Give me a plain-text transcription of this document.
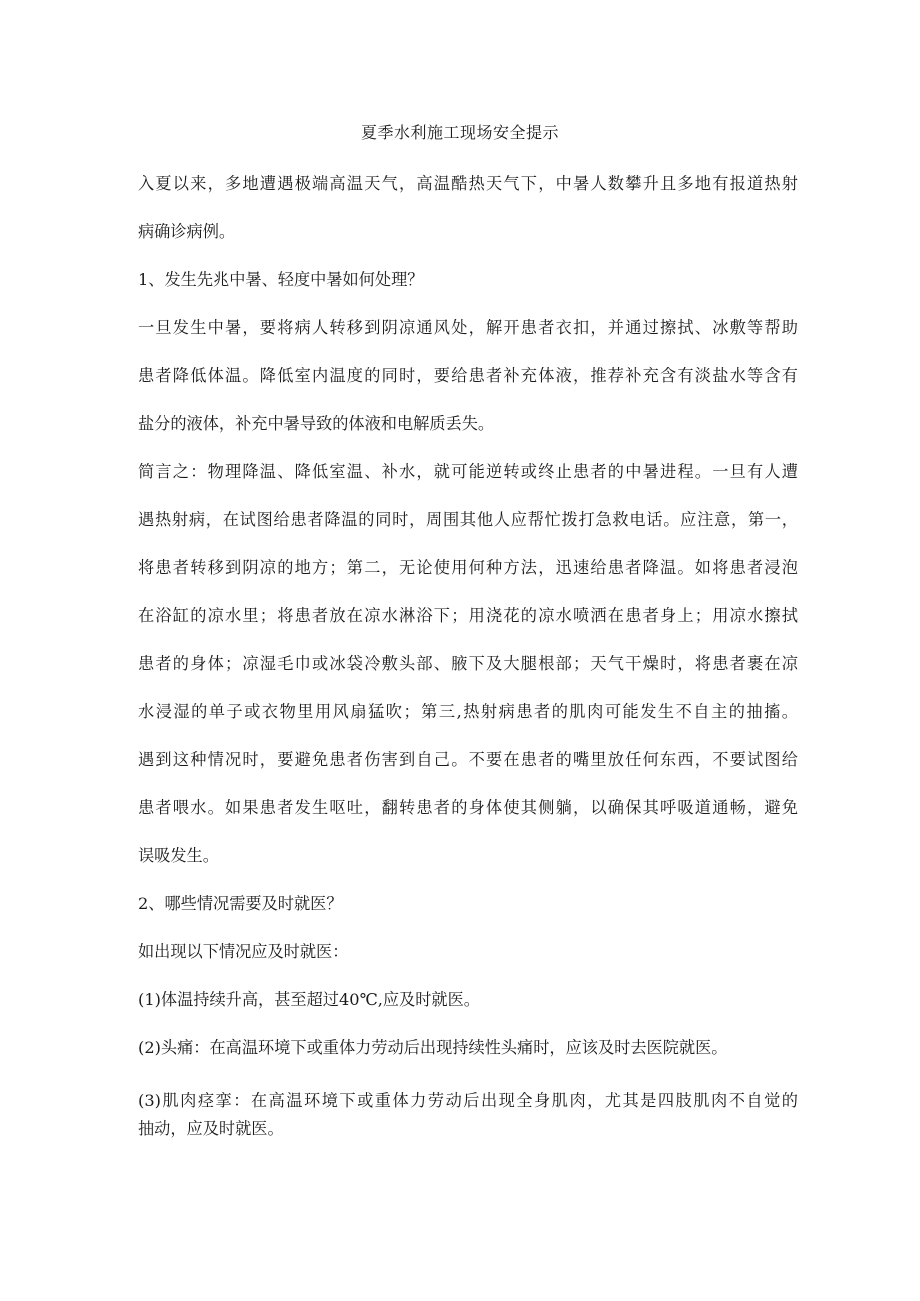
夏季水利施工现场安全提示
入夏以来，多地遭遇极端高温天气，高温酷热天气下，中暑人数攀升且多地有报道热射
病确诊病例。
1、发生先兆中暑、轻度中暑如何处理？
一旦发生中暑，要将病人转移到阴凉通风处，解开患者衣扣，并通过擦拭、冰敷等帮助
患者降低体温。降低室内温度的同时，要给患者补充体液，推荐补充含有淡盐水等含有
盐分的液体，补充中暑导致的体液和电解质丢失。
简言之：物理降温、降低室温、补水，就可能逆转或终止患者的中暑进程。一旦有人遭
遇热射病，在试图给患者降温的同时，周围其他人应帮忙拨打急救电话。应注意，第一，
将患者转移到阴凉的地方；第二，无论使用何种方法，迅速给患者降温。如将患者浸泡
在浴缸的凉水里；将患者放在凉水淋浴下；用浇花的凉水喷洒在患者身上；用凉水擦拭
患者的身体；凉湿毛巾或冰袋冷敷头部、腋下及大腿根部；天气干燥时，将患者裹在凉
水浸湿的单子或衣物里用风扇猛吹；第三,热射病患者的肌肉可能发生不自主的抽搐。
遇到这种情况时，要避免患者伤害到自己。不要在患者的嘴里放任何东西，不要试图给
患者喂水。如果患者发生呕吐，翻转患者的身体使其侧躺，以确保其呼吸道通畅，避免
误吸发生。
2、哪些情况需要及时就医？
如出现以下情况应及时就医：
(1)体温持续升高，甚至超过40℃,应及时就医。
(2)头痛：在高温环境下或重体力劳动后出现持续性头痛时，应该及时去医院就医。
(3)肌肉痉挛：在高温环境下或重体力劳动后出现全身肌肉，尤其是四肢肌肉不自觉的
抽动，应及时就医。
